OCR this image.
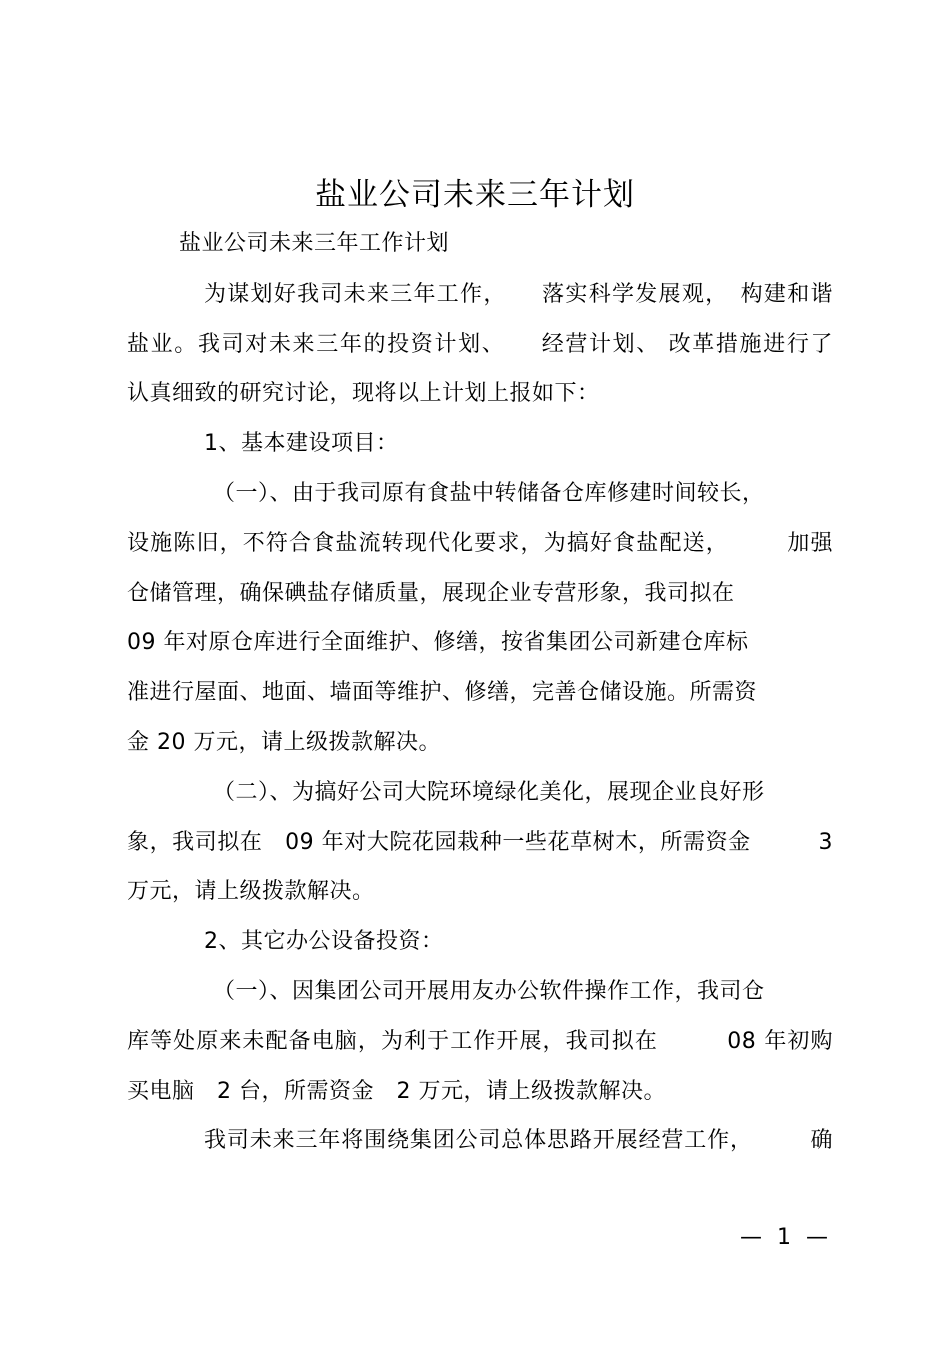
盐业公司未来三年计划
盐业公司未来三年工作计划
为谋划好我司未来三年工作，　　落实科学发展观，　构建和谐
盐业。我司对未来三年的投资计划、　　经营计划、 改革措施进行了
认真细致的研究讨论，现将以上计划上报如下：
1、基本建设项目：
（一）、由于我司原有食盐中转储备仓库修建时间较长，
设施陈旧，不符合食盐流转现代化要求，为搞好食盐配送，　　　加强
仓储管理，确保碘盐存储质量，展现企业专营形象，我司拟在
09 年对原仓库进行全面维护、修缮，按省集团公司新建仓库标
准进行屋面、地面、墙面等维护、修缮，完善仓储设施。所需资
金 20 万元，请上级拨款解决。
（二）、为搞好公司大院环境绿化美化，展现企业良好形
象，我司拟在　09 年对大院花园栽种一些花草树木，所需资金　　　3
万元，请上级拨款解决。
2、其它办公设备投资：
（一）、因集团公司开展用友办公软件操作工作，我司仓
库等处原来未配备电脑，为利于工作开展，我司拟在　　　08 年初购
买电脑　2 台，所需资金　2 万元，请上级拨款解决。
我司未来三年将围绕集团公司总体思路开展经营工作，　　　确
— 1 —
